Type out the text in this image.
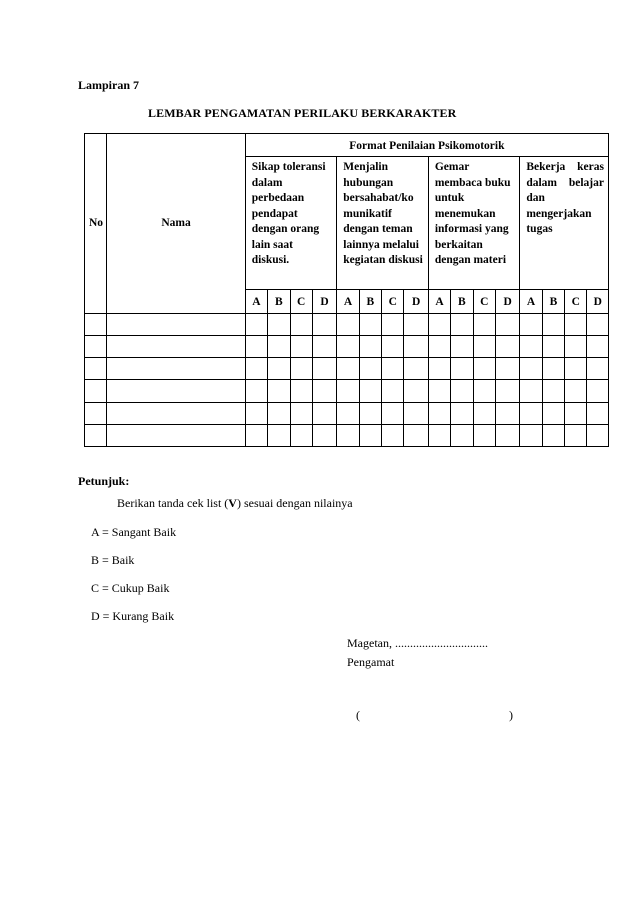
Lampiran 7
LEMBAR PENGAMATAN PERILAKU BERKARAKTER
No	Nama	Format Penilaian Psikomotorik															
		Sikap toleransi dalam perbedaan pendapat dengan orang lain saat diskusi.				Menjalin hubungan bersahabat/ko munikatif dengan teman lainnya melalui kegiatan diskusi				Gemar membaca buku untuk menemukan informasi yang berkaitan dengan materi				Bekerja keras dalam belajar dan mengerjakan tugas			
		A	B	C	D	A	B	C	D	A	B	C	D	A	B	C	D

Petunjuk:
Berikan tanda cek list (V) sesuai dengan nilainya
A = Sangant Baik
B = Baik
C = Cukup Baik
D = Kurang Baik
Magetan, ...............................
Pengamat
(	)
